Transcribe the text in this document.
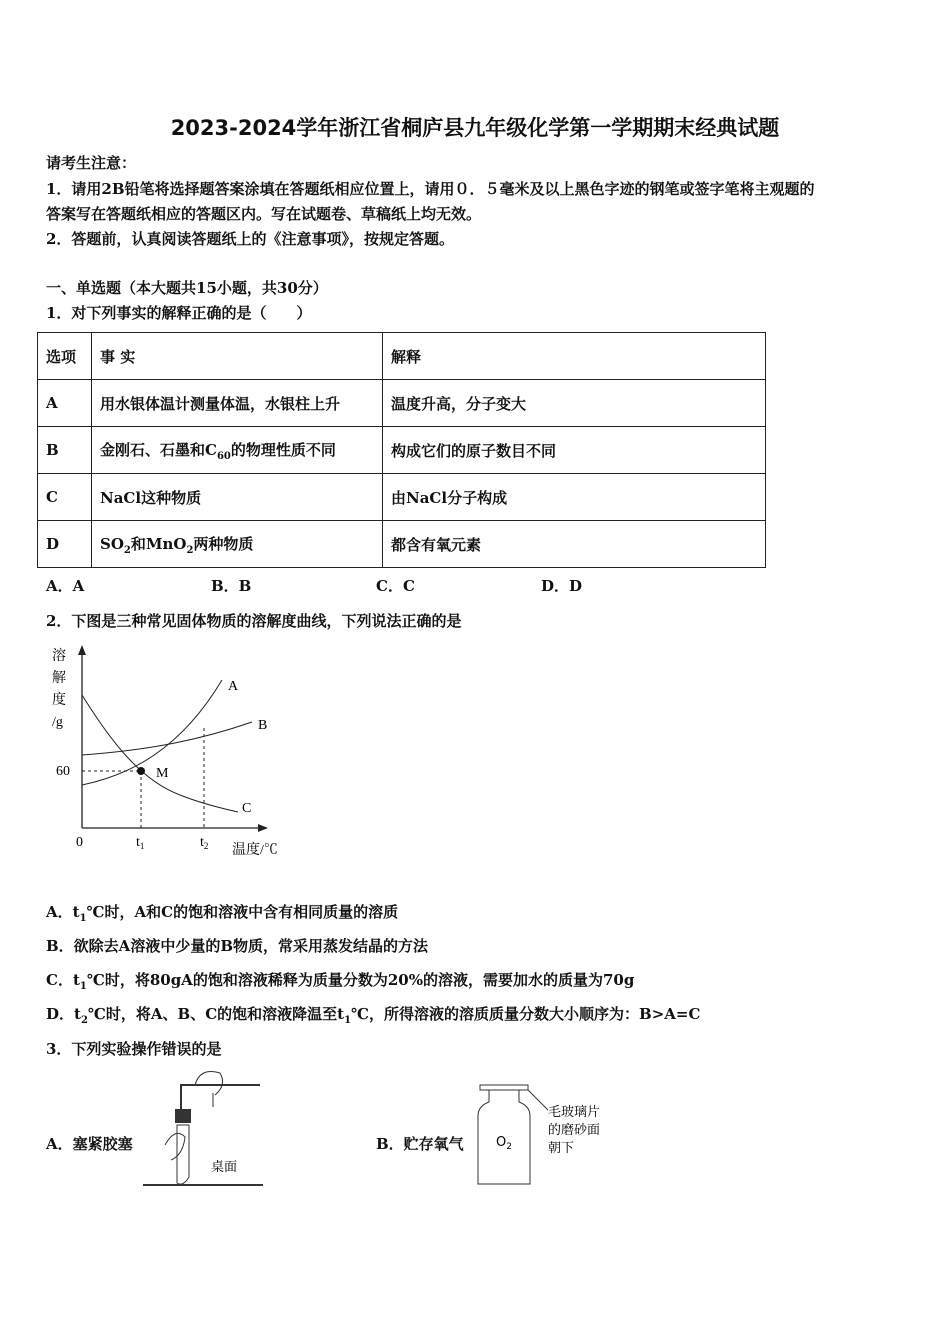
2023-2024学年浙江省桐庐县九年级化学第一学期期末经典试题
请考生注意：
1．请用2B铅笔将选择题答案涂填在答题纸相应位置上，请用０．５毫米及以上黑色字迹的钢笔或签字笔将主观题的
答案写在答题纸相应的答题区内。写在试题卷、草稿纸上均无效。
2．答题前，认真阅读答题纸上的《注意事项》，按规定答题。
一、单选题（本大题共15小题，共30分）
1．对下列事实的解释正确的是（　　）
选项	事 实	解释
A	用水银体温计测量体温，水银柱上升	温度升高，分子变大
B	金刚石、石墨和$C_{60}$的物理性质不同	构成它们的原子数目不同
C	NaCl这种物质	由NaCl分子构成
D	$SO_2$和MnO$_2$两种物质	都含有氧元素
A．A	B．B	C．C	D．D
2．下图是三种常见固体物质的溶解度曲线，下列说法正确的是
溶
解
度
/g
60
0	$t_1$	$t_2$ 温度/℃
A
B
C
M
A．$t_1℃$时，A和C的饱和溶液中含有相同质量的溶质
B．欲除去A溶液中少量的B物质，常采用蒸发结晶的方法
C．$t_1℃$时，将80gA的饱和溶液稀释为质量分数为20%的溶液，需要加水的质量为70g
D．$t_2℃$时，将A、B、C的饱和溶液降温至$t_1℃$，所得溶液的溶质质量分数大小顺序为：B>A=C
3．下列实验操作错误的是
A．塞紧胶塞
桌面
B．贮存氧气 $O_2$
毛玻璃片
的磨砂面
朝下
